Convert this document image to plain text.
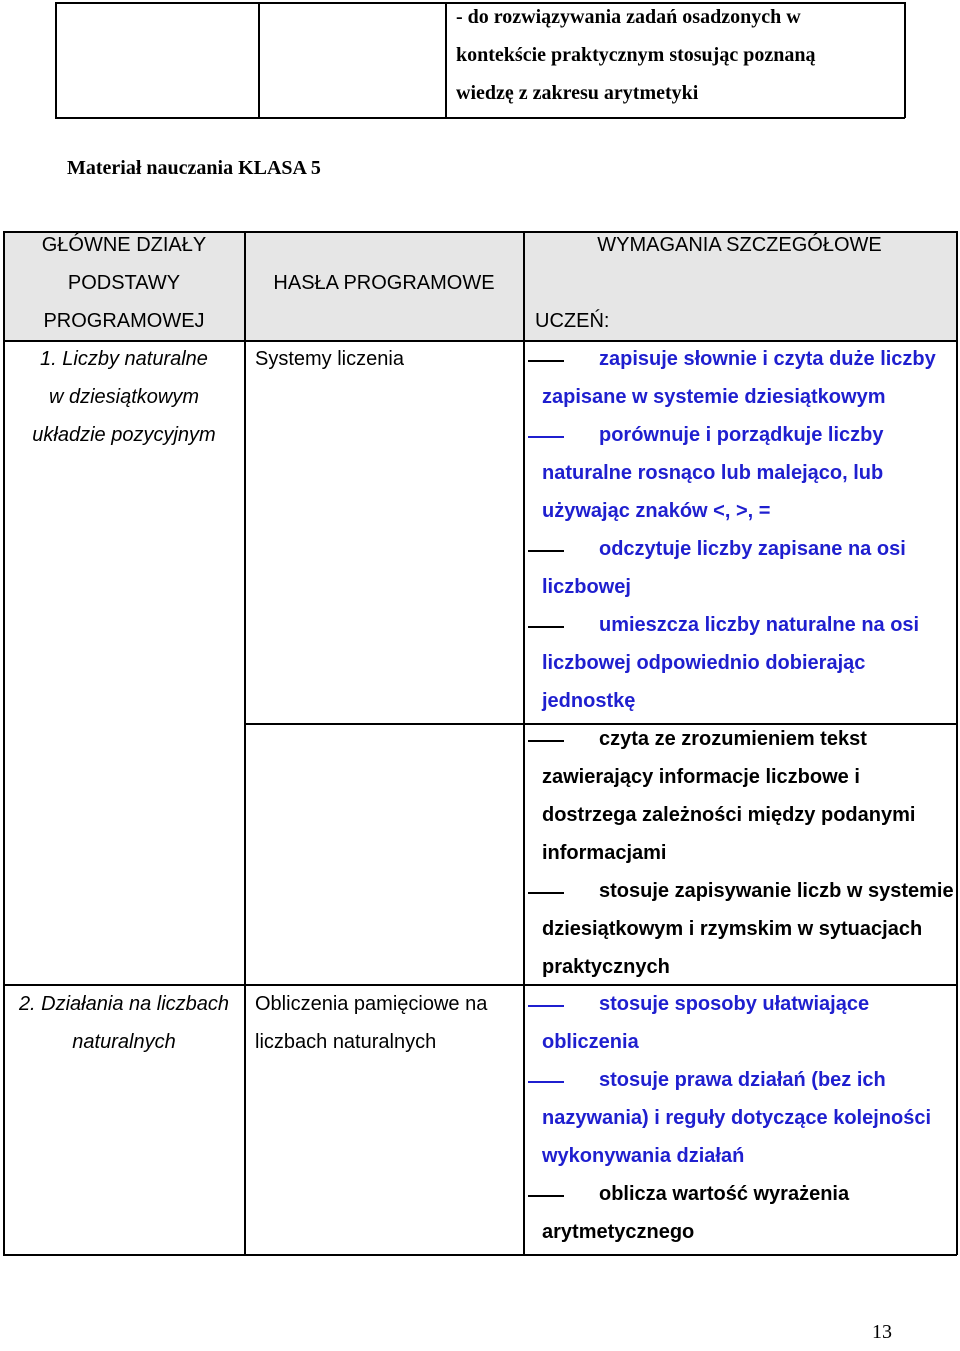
- do rozwiązywania zadań osadzonych w
kontekście praktycznym stosując poznaną
wiedzę z zakresu arytmetyki
Materiał nauczania KLASA 5
GŁÓWNE DZIAŁY
PODSTAWY
PROGRAMOWEJ
HASŁA PROGRAMOWE
WYMAGANIA SZCZEGÓŁOWE
UCZEŃ:
1. Liczby naturalne
w dziesiątkowym
układzie pozycyjnym
Systemy liczenia	zapisuje słownie i czyta duże liczby
zapisane w systemie dziesiątkowym
porównuje i porządkuje liczby
naturalne rosnąco lub malejąco, lub
używając znaków <, >, =
odczytuje liczby zapisane na osi
liczbowej
umieszcza liczby naturalne na osi
liczbowej odpowiednio dobierając
jednostkę
czyta ze zrozumieniem tekst
zawierający informacje liczbowe i
dostrzega zależności między podanymi
informacjami
stosuje zapisywanie liczb w systemie
dziesiątkowym i rzymskim w sytuacjach
praktycznych
2. Działania na liczbach
naturalnych
Obliczenia pamięciowe na
liczbach naturalnych
stosuje sposoby ułatwiające
obliczenia
stosuje prawa działań (bez ich
nazywania) i reguły dotyczące kolejności
wykonywania działań
oblicza wartość wyrażenia
arytmetycznego
13
